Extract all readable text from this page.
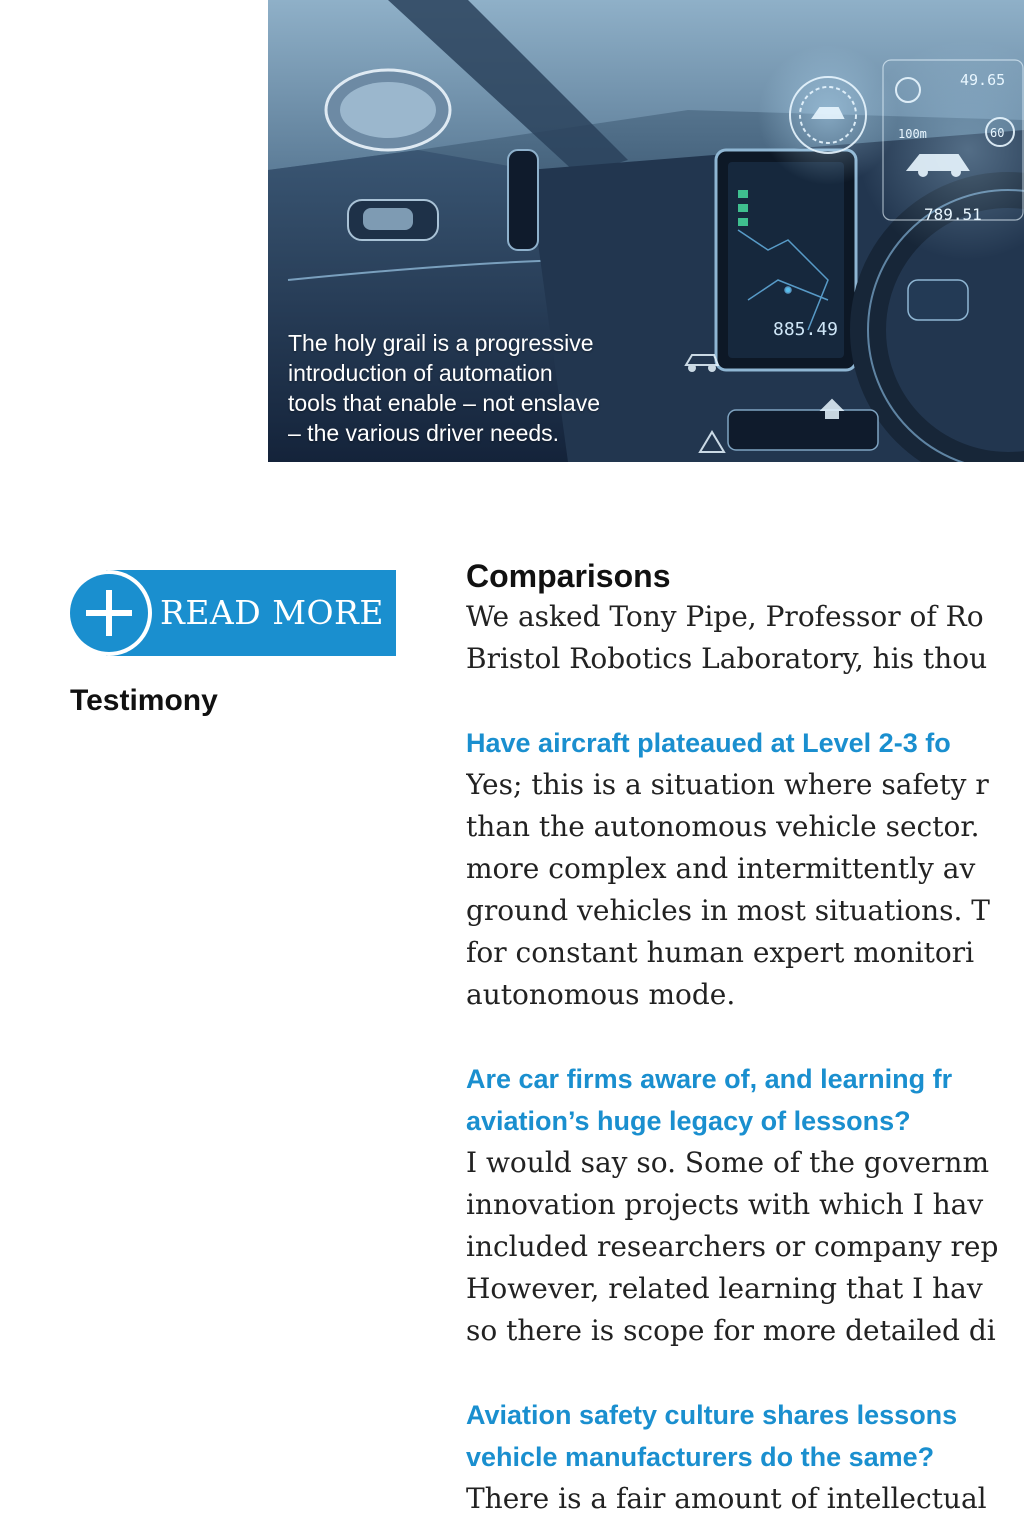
885.49
49.65
100m	60
789.51
The holy grail is a progressive
introduction of automation
tools that enable – not enslave
– the various driver needs.
READ MORE
Testimony
Comparisons

We asked Tony Pipe, Professor of Ro
Bristol Robotics Laboratory, his thou

Have aircraft plateaued at Level 2-3 fo

Yes; this is a situation where safety r
than the autonomous vehicle sector.
more complex and intermittently av
ground vehicles in most situations. T
for constant human expert monitori
autonomous mode.

Are car firms aware of, and learning fr
aviation’s huge legacy of lessons?

I would say so. Some of the governm
innovation projects with which I hav
included researchers or company rep
However, related learning that I hav
so there is scope for more detailed di

Aviation safety culture shares lessons
vehicle manufacturers do the same?

There is a fair amount of intellectual
